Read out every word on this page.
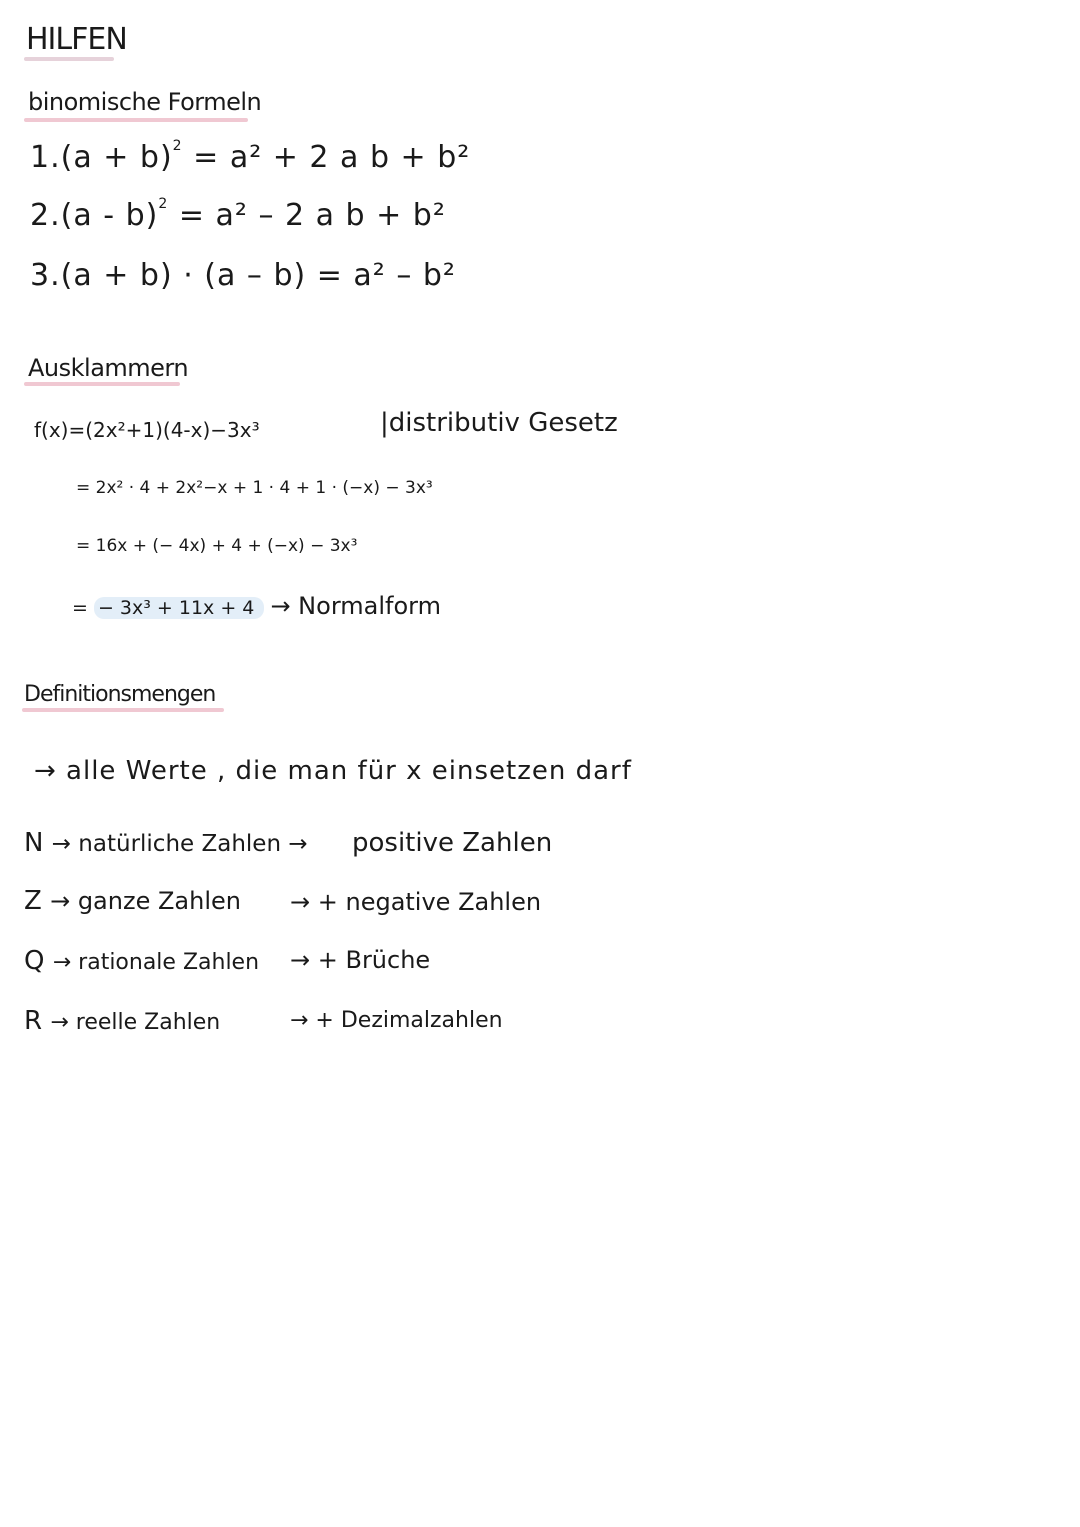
HILFEN
binomische Formeln
$1.(a + b)^2 = a^2 + 2$ a b + b²
2.(a - b)$^2$ = a² – 2 a b + b²
3.(a + b) · (a – b) = a² – b²
Ausklammern
f(x)=(2x²+1)(4-x)−3x³	|distributiv Gesetz
= 2x² · 4 + 2x²−x + 1 · 4 + 1 · (−x) − 3x³
= 16x + (− 4x) + 4 + (−x) − 3x³
= − 3x³ + 11x + 4 → Normalform
Definitionsmengen
→ alle Werte , die man für x einsetzen darf
N → natürliche Zahlen → positive Zahlen
Z → ganze Zahlen → + negative Zahlen
Q → rationale Zahlen → + Brüche
R → reelle Zahlen	→ + Dezimalzahlen
